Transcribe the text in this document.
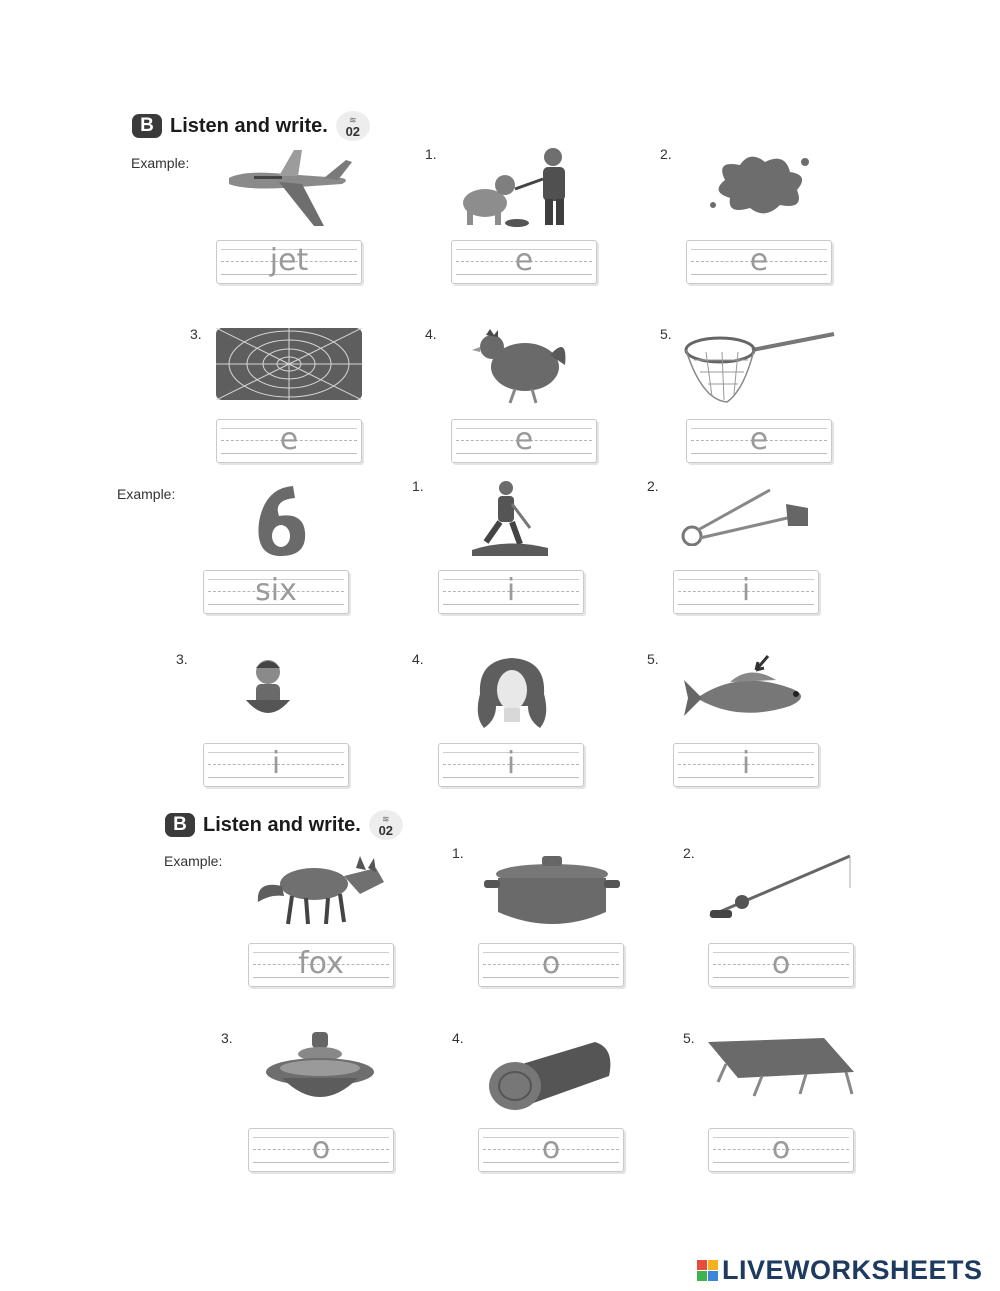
B Listen and write. ≋
02
Example:
1.	2.
jet	e	e
3.	4.	5.
e	e	e
Example:	1.	2.
six	i	i
3.	4.	5.
i	i	i
B Listen and write. ≋
02
Example:	1.	2.
fox	o	o
3.	4.	5.
o	o	o
LIVEWORKSHEETS
